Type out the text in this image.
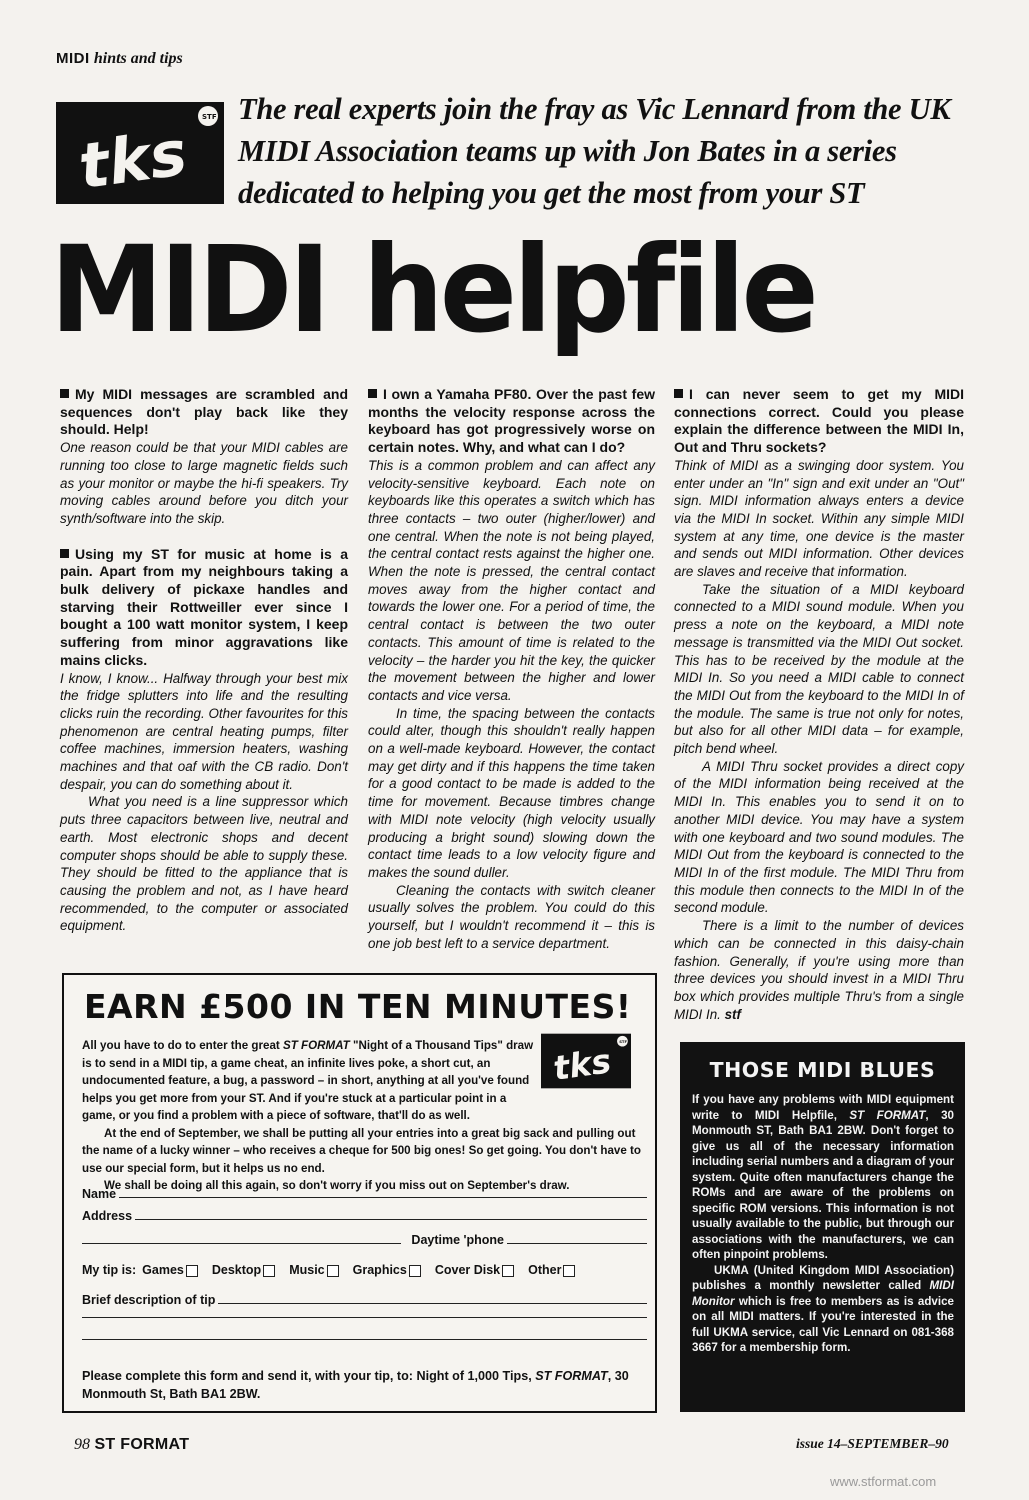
MIDI hints and tips
tks STF The real experts join the fray as Vic Lennard from the UK MIDI Association teams up with Jon Bates in a series dedicated to helping you get the most from your ST
MIDI helpfile

My MIDI messages are scrambled and sequences don't play back like they should. Help!

One reason could be that your MIDI cables are running too close to large magnetic fields such as your monitor or maybe the hi-fi speakers. Try moving cables around before you ditch your synth/software into the skip.

Using my ST for music at home is a pain. Apart from my neighbours taking a bulk delivery of pickaxe handles and starving their Rottweiller ever since I bought a 100 watt monitor system, I keep suffering from minor aggravations like mains clicks.

I know, I know... Halfway through your best mix the fridge splutters into life and the resulting clicks ruin the recording. Other favourites for this phenomenon are central heating pumps, filter coffee machines, immersion heaters, washing machines and that oaf with the CB radio. Don't despair, you can do something about it.

What you need is a line suppressor which puts three capacitors between live, neutral and earth. Most electronic shops and decent computer shops should be able to supply these. They should be fitted to the appliance that is causing the problem and not, as I have heard recommended, to the computer or associated equipment.

I own a Yamaha PF80. Over the past few months the velocity response across the keyboard has got progressively worse on certain notes. Why, and what can I do?

This is a common problem and can affect any velocity-sensitive keyboard. Each note on keyboards like this operates a switch which has three contacts – two outer (higher/lower) and one central. When the note is not being played, the central contact rests against the higher one. When the note is pressed, the central contact moves away from the higher contact and towards the lower one. For a period of time, the central contact is between the two outer contacts. This amount of time is related to the velocity – the harder you hit the key, the quicker the movement between the higher and lower contacts and vice versa.

In time, the spacing between the contacts could alter, though this shouldn't really happen on a well-made keyboard. However, the contact may get dirty and if this happens the time taken for a good contact to be made is added to the time for movement. Because timbres change with MIDI note velocity (high velocity usually producing a bright sound) slowing down the contact time leads to a low velocity figure and makes the sound duller.

Cleaning the contacts with switch cleaner usually solves the problem. You could do this yourself, but I wouldn't recommend it – this is one job best left to a service department.

I can never seem to get my MIDI connections correct. Could you please explain the difference between the MIDI In, Out and Thru sockets?

Think of MIDI as a swinging door system. You enter under an "In" sign and exit under an "Out" sign. MIDI information always enters a device via the MIDI In socket. Within any simple MIDI system at any time, one device is the master and sends out MIDI information. Other devices are slaves and receive that information.

Take the situation of a MIDI keyboard connected to a MIDI sound module. When you press a note on the keyboard, a MIDI note message is transmitted via the MIDI Out socket. This has to be received by the module at the MIDI In. So you need a MIDI cable to connect the MIDI Out from the keyboard to the MIDI In of the module. The same is true not only for notes, but also for all other MIDI data – for example, pitch bend wheel.

A MIDI Thru socket provides a direct copy of the MIDI information being received at the MIDI In. This enables you to send it on to another MIDI device. You may have a system with one keyboard and two sound modules. The MIDI Out from the keyboard is connected to the MIDI In of the first module. The MIDI Thru from this module then connects to the MIDI In of the second module.

There is a limit to the number of devices which can be connected in this daisy-chain fashion. Generally, if you're using more than three devices you should invest in a MIDI Thru box which provides multiple Thru's from a single MIDI In. stf

EARN £500 IN TEN MINUTES!
tks STF

All you have to do to enter the great ST FORMAT "Night of a Thousand Tips" draw is to send in a MIDI tip, a game cheat, an infinite lives poke, a short cut, an undocumented feature, a bug, a password – in short, anything at all you've found helps you get more from your ST. And if you're stuck at a particular point in a game, or you find a problem with a piece of software, that'll do as well.

At the end of September, we shall be putting all your entries into a great big sack and pulling out the name of a lucky winner – who receives a cheque for 500 big ones! So get going. You don't have to use our special form, but it helps us no end.

We shall be doing all this again, so don't worry if you miss out on September's draw.

Name
Address
Daytime 'phone
My tip is: Games Desktop Music Graphics Cover Disk Other
Brief description of tip
Please complete this form and send it, with your tip, to: Night of 1,000 Tips, ST FORMAT, 30 Monmouth St, Bath BA1 2BW.
THOSE MIDI BLUES

If you have any problems with MIDI equipment write to MIDI Helpfile, ST FORMAT, 30 Monmouth ST, Bath BA1 2BW. Don't forget to give us all of the necessary information including serial numbers and a diagram of your system. Quite often manufacturers change the ROMs and are aware of the problems on specific ROM versions. This information is not usually available to the public, but through our associations with the manufacturers, we can often pinpoint problems.

UKMA (United Kingdom MIDI Association) publishes a monthly newsletter called MIDI Monitor which is free to members as is advice on all MIDI matters. If you're interested in the full UKMA service, call Vic Lennard on 081-368 3667 for a membership form.

98 ST FORMAT	issue 14–SEPTEMBER–90
www.stformat.com
